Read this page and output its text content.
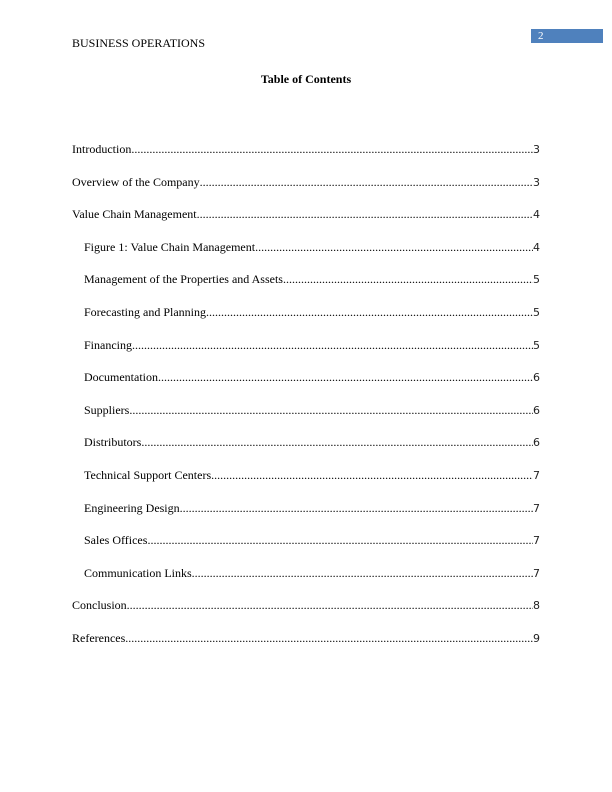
2
BUSINESS OPERATIONS
Table of Contents
Introduction .....	3
Overview of the Company .....	3
Value Chain Management .....	4
Figure 1: Value Chain Management .....	4
Management of the Properties and Assets .....	5
Forecasting and Planning .....	5
Financing .....	5
Documentation .....	6
Suppliers .....	6
Distributors .....	6
Technical Support Centers .....	7
Engineering Design .....	7
Sales Offices .....	7
Communication Links .....	7
Conclusion .....	8
References .....	9
